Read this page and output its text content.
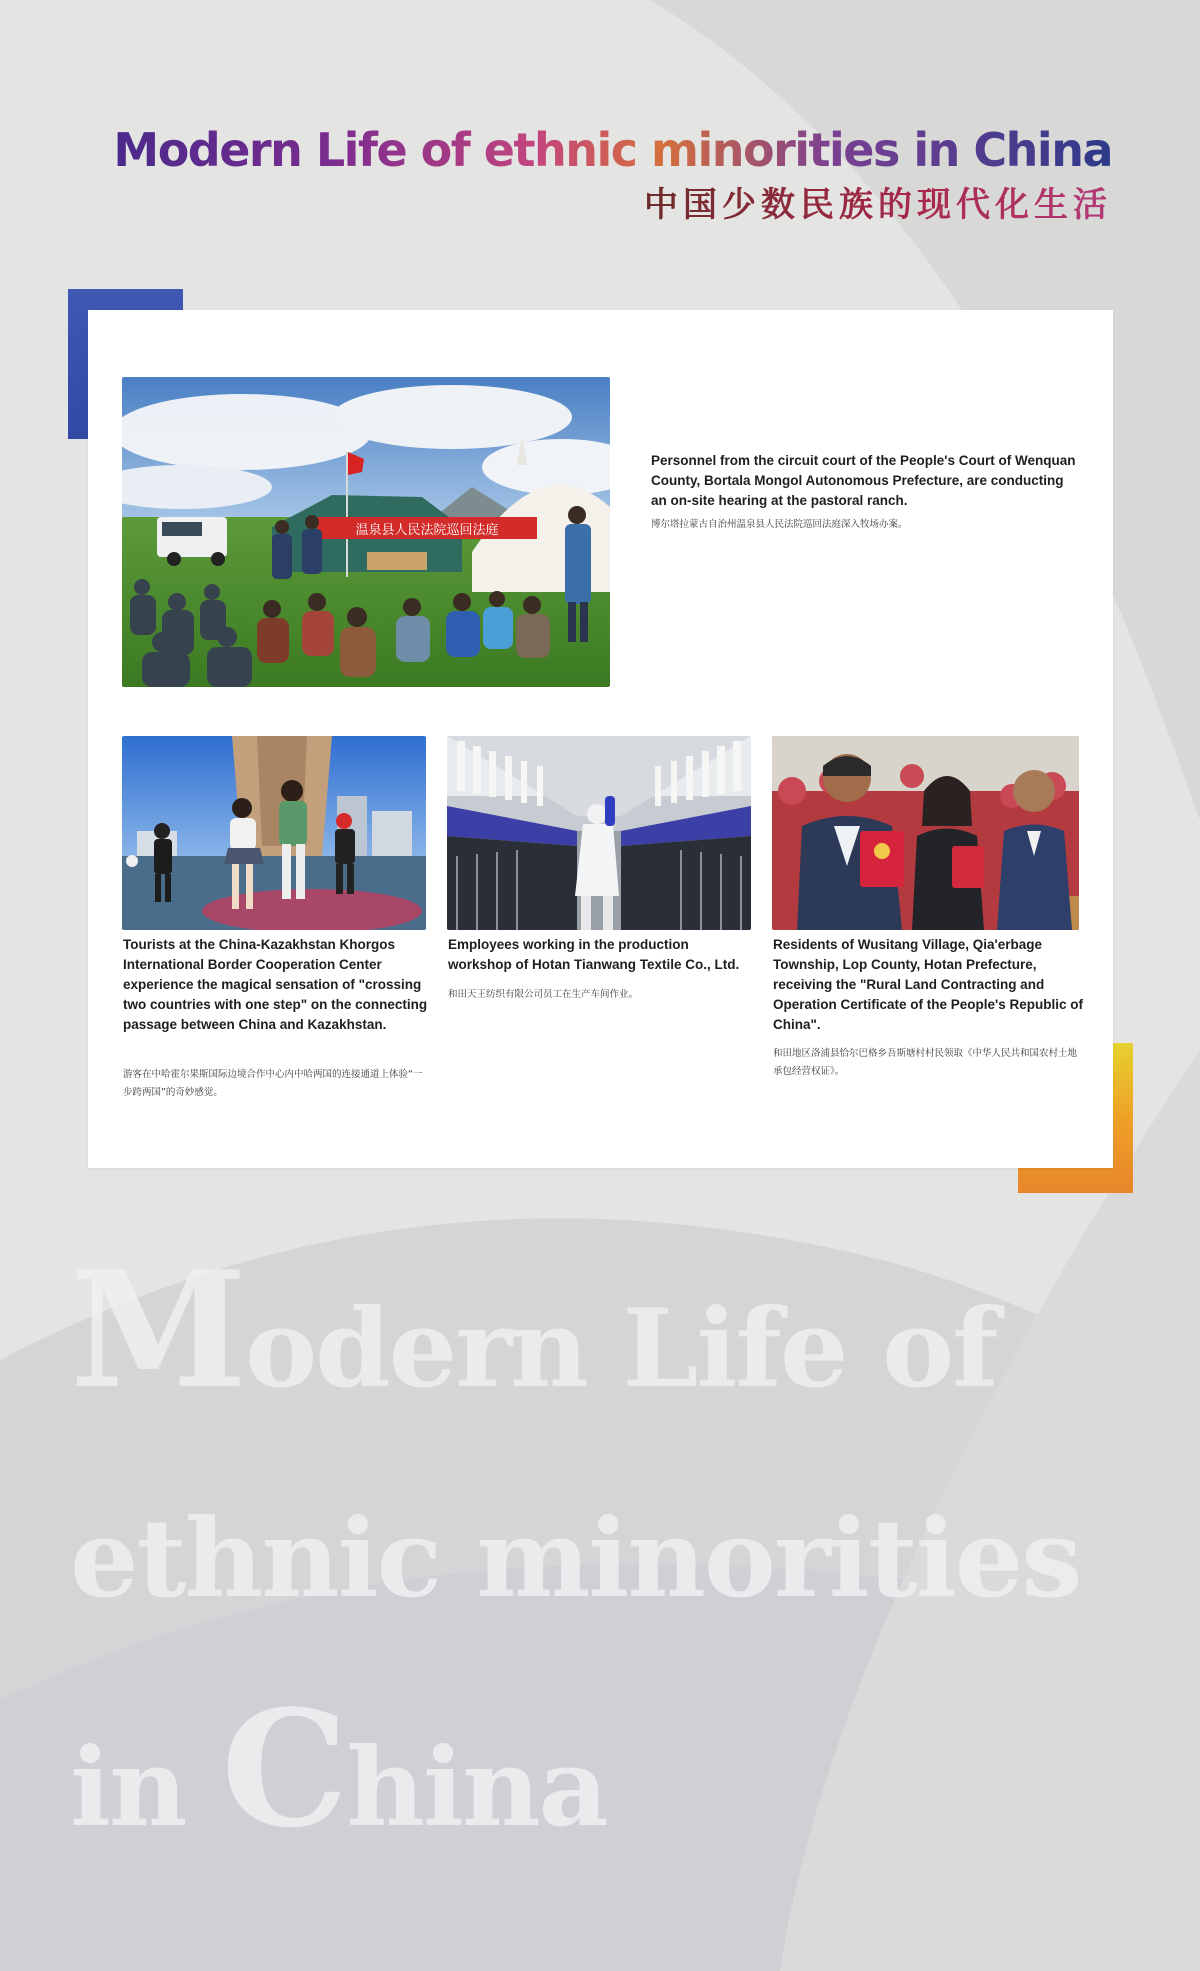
Modern Life of ethnic minorities in China
中国少数民族的现代化生活
温泉县人民法院巡回法庭
Personnel from the circuit court of the People's Court of Wenquan County, Bortala Mongol Autonomous Prefecture, are conducting an on-site hearing at the pastoral ranch.
博尔塔拉蒙古自治州温泉县人民法院巡回法庭深入牧场办案。
Tourists at the China-Kazakhstan Khorgos International Border Cooperation Center experience the magical sensation of "crossing two countries with one step" on the connecting passage between China and Kazakhstan.
游客在中哈霍尔果斯国际边境合作中心内中哈两国的连接通道上体验“一步跨两国”的奇妙感觉。
Employees working in the production workshop of Hotan Tianwang Textile Co., Ltd.
和田天王纺织有限公司员工在生产车间作业。
Residents of Wusitang Village, Qia'erbage Township, Lop County, Hotan Prefecture, receiving the "Rural Land Contracting and Operation Certificate of the People's Republic of China".
和田地区洛浦县恰尔巴格乡吾斯塘村村民领取《中华人民共和国农村土地承包经营权证》。
Modern Life of
ethnic minorities
in China
